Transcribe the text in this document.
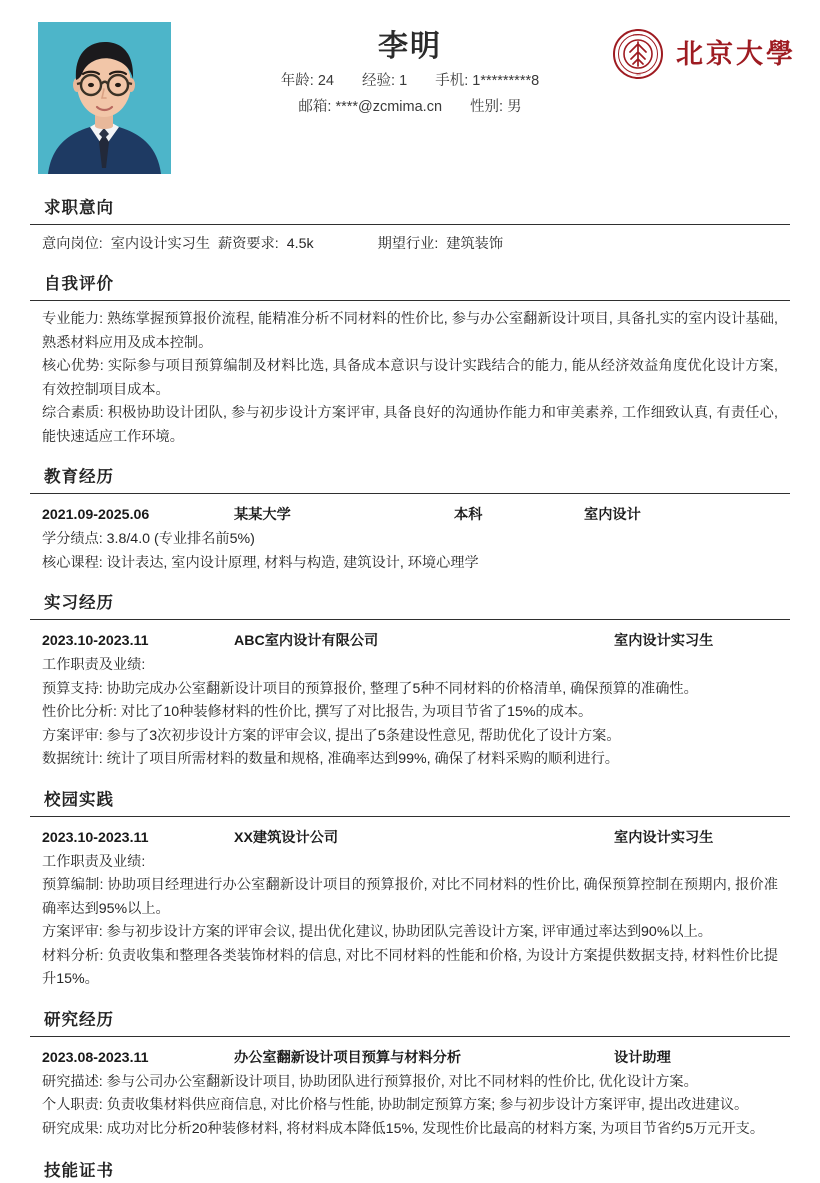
李明
年龄: 24 经验: 1 手机: 1*********8
邮箱: ****@zcmima.cn 性别: 男
PEKING
1898
北京大學
求职意向
意向岗位: 室内设计实习生 薪资要求: 4.5k	期望行业: 建筑装饰
自我评价

专业能力: 熟练掌握预算报价流程, 能精准分析不同材料的性价比, 参与办公室翻新设计项目, 具备扎实的室内设计基础, 熟悉材料应用及成本控制。

核心优势: 实际参与项目预算编制及材料比选, 具备成本意识与设计实践结合的能力, 能从经济效益角度优化设计方案, 有效控制项目成本。

综合素质: 积极协助设计团队, 参与初步设计方案评审, 具备良好的沟通协作能力和审美素养, 工作细致认真, 有责任心, 能快速适应工作环境。

教育经历
2021.09-2025.06	某某大学	本科	室内设计

学分绩点: 3.8/4.0 (专业排名前5%)

核心课程: 设计表达, 室内设计原理, 材料与构造, 建筑设计, 环境心理学

实习经历
2023.10-2023.11	ABC室内设计有限公司	室内设计实习生
工作职责及业绩:

预算支持: 协助完成办公室翻新设计项目的预算报价, 整理了5种不同材料的价格清单, 确保预算的准确性。

性价比分析: 对比了10种装修材料的性价比, 撰写了对比报告, 为项目节省了15%的成本。

方案评审: 参与了3次初步设计方案的评审会议, 提出了5条建设性意见, 帮助优化了设计方案。

数据统计: 统计了项目所需材料的数量和规格, 准确率达到99%, 确保了材料采购的顺利进行。

校园实践
2023.10-2023.11	XX建筑设计公司	室内设计实习生
工作职责及业绩:

预算编制: 协助项目经理进行办公室翻新设计项目的预算报价, 对比不同材料的性价比, 确保预算控制在预期内, 报价准确率达到95%以上。

方案评审: 参与初步设计方案的评审会议, 提出优化建议, 协助团队完善设计方案, 评审通过率达到90%以上。

材料分析: 负责收集和整理各类装饰材料的信息, 对比不同材料的性能和价格, 为设计方案提供数据支持, 材料性价比提升15%。

研究经历
2023.08-2023.11	办公室翻新设计项目预算与材料分析	设计助理

研究描述: 参与公司办公室翻新设计项目, 协助团队进行预算报价, 对比不同材料的性价比, 优化设计方案。

个人职责: 负责收集材料供应商信息, 对比价格与性能, 协助制定预算方案; 参与初步设计方案评审, 提出改进建议。

研究成果: 成功对比分析20种装修材料, 将材料成本降低15%, 发现性价比最高的材料方案, 为项目节省约5万元开支。

技能证书
